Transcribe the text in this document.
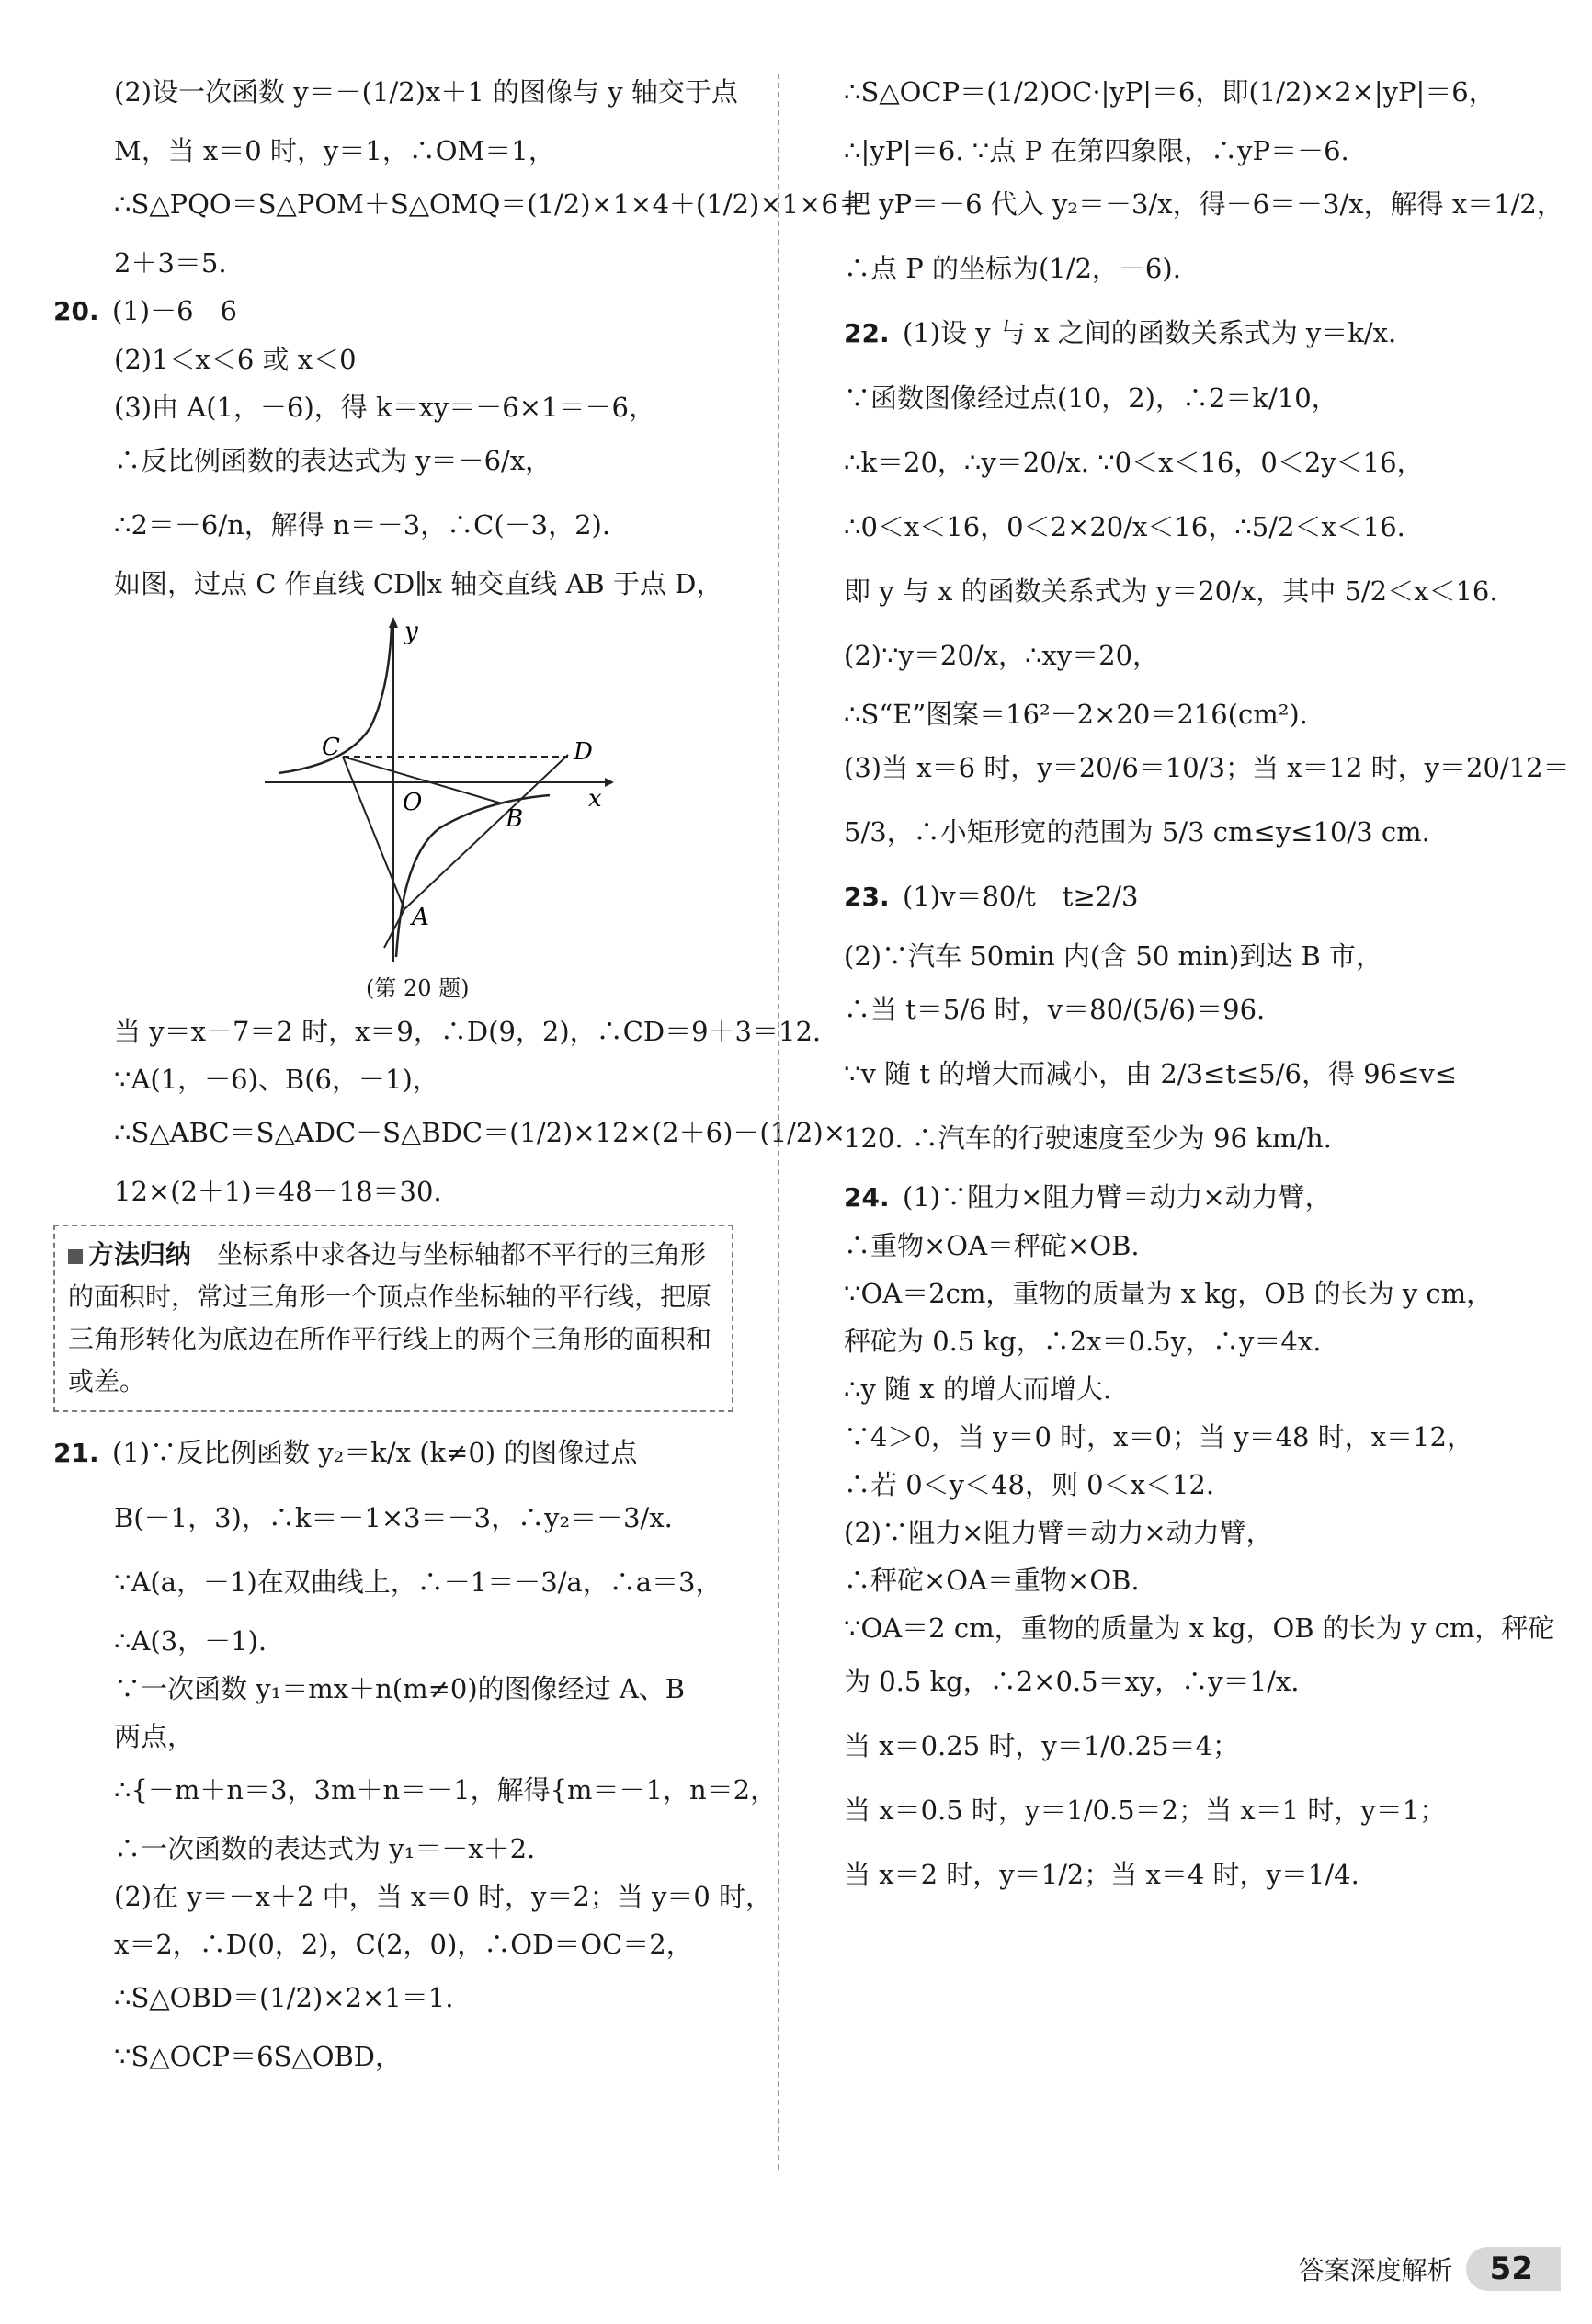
(2)设一次函数 y＝－(1/2)x＋1 的图像与 y 轴交于点
M，当 x＝0 时，y＝1，∴OM＝1，
∴S△PQO＝S△POM＋S△OMQ＝(1/2)×1×4＋(1/2)×1×6＝
2＋3＝5.
20. (1)－6　6
(2)1＜x＜6 或 x＜0
(3)由 A(1，－6)，得 k＝xy＝－6×1＝－6，
∴反比例函数的表达式为 y＝－6/x，
∴2＝－6/n，解得 n＝－3，∴C(－3，2).
如图，过点 C 作直线 CD∥x 轴交直线 AB 于点 D，
y
x
O
C	D
B
A
(第 20 题)
当 y＝x－7＝2 时，x＝9，∴D(9，2)，∴CD＝9＋3＝12.
∵A(1，－6)、B(6，－1)，
∴S△ABC＝S△ADC－S△BDC＝(1/2)×12×(2＋6)－(1/2)×
12×(2＋1)＝48－18＝30.
方法归纳　 坐标系中求各边与坐标轴都不平行的三角形的面积时，常过三角形一个顶点作坐标轴的平行线，把原三角形转化为底边在所作平行线上的两个三角形的面积和或差。
21. (1)∵反比例函数 y₂＝k/x (k≠0) 的图像过点
B(－1，3)，∴k＝－1×3＝－3，∴y₂＝－3/x.
∵A(a，－1)在双曲线上，∴－1＝－3/a，∴a＝3，
∴A(3，－1).
∵一次函数 y₁＝mx＋n(m≠0)的图像经过 A、B
两点，
∴{－m＋n＝3，3m＋n＝－1，解得{m＝－1，n＝2，
∴一次函数的表达式为 y₁＝－x＋2.
(2)在 y＝－x＋2 中，当 x＝0 时，y＝2；当 y＝0 时，
x＝2，∴D(0，2)，C(2，0)，∴OD＝OC＝2，
∴S△OBD＝(1/2)×2×1＝1.
∵S△OCP＝6S△OBD，
∴S△OCP＝(1/2)OC·|yP|＝6，即(1/2)×2×|yP|＝6，
∴|yP|＝6. ∵点 P 在第四象限，∴yP＝－6.
把 yP＝－6 代入 y₂＝－3/x，得－6＝－3/x，解得 x＝1/2，
∴点 P 的坐标为(1/2，－6).
22. (1)设 y 与 x 之间的函数关系式为 y＝k/x.
∵函数图像经过点(10，2)，∴2＝k/10，
∴k＝20，∴y＝20/x. ∵0＜x＜16，0＜2y＜16，
∴0＜x＜16，0＜2×20/x＜16，∴5/2＜x＜16.
即 y 与 x 的函数关系式为 y＝20/x，其中 5/2＜x＜16.
(2)∵y＝20/x，∴xy＝20，
∴S“E”图案＝16²－2×20＝216(cm²).
(3)当 x＝6 时，y＝20/6＝10/3；当 x＝12 时，y＝20/12＝
5/3，∴小矩形宽的范围为 5/3 cm≤y≤10/3 cm.
23. (1)v＝80/t　t≥2/3
(2)∵汽车 50min 内(含 50 min)到达 B 市，
∴当 t＝5/6 时，v＝80/(5/6)＝96.
∵v 随 t 的增大而减小，由 2/3≤t≤5/6，得 96≤v≤
120. ∴汽车的行驶速度至少为 96 km/h.
24. (1)∵阻力×阻力臂＝动力×动力臂，
∴重物×OA＝秤砣×OB.
∵OA＝2cm，重物的质量为 x kg，OB 的长为 y cm，
秤砣为 0.5 kg，∴2x＝0.5y，∴y＝4x.
∴y 随 x 的增大而增大.
∵4＞0，当 y＝0 时，x＝0；当 y＝48 时，x＝12，
∴若 0＜y＜48，则 0＜x＜12.
(2)∵阻力×阻力臂＝动力×动力臂，
∴秤砣×OA＝重物×OB.
∵OA＝2 cm，重物的质量为 x kg，OB 的长为 y cm，秤砣
为 0.5 kg，∴2×0.5＝xy，∴y＝1/x.
当 x＝0.25 时，y＝1/0.25＝4；
当 x＝0.5 时，y＝1/0.5＝2；当 x＝1 时，y＝1；
当 x＝2 时，y＝1/2；当 x＝4 时，y＝1/4.
答案深度解析	52
